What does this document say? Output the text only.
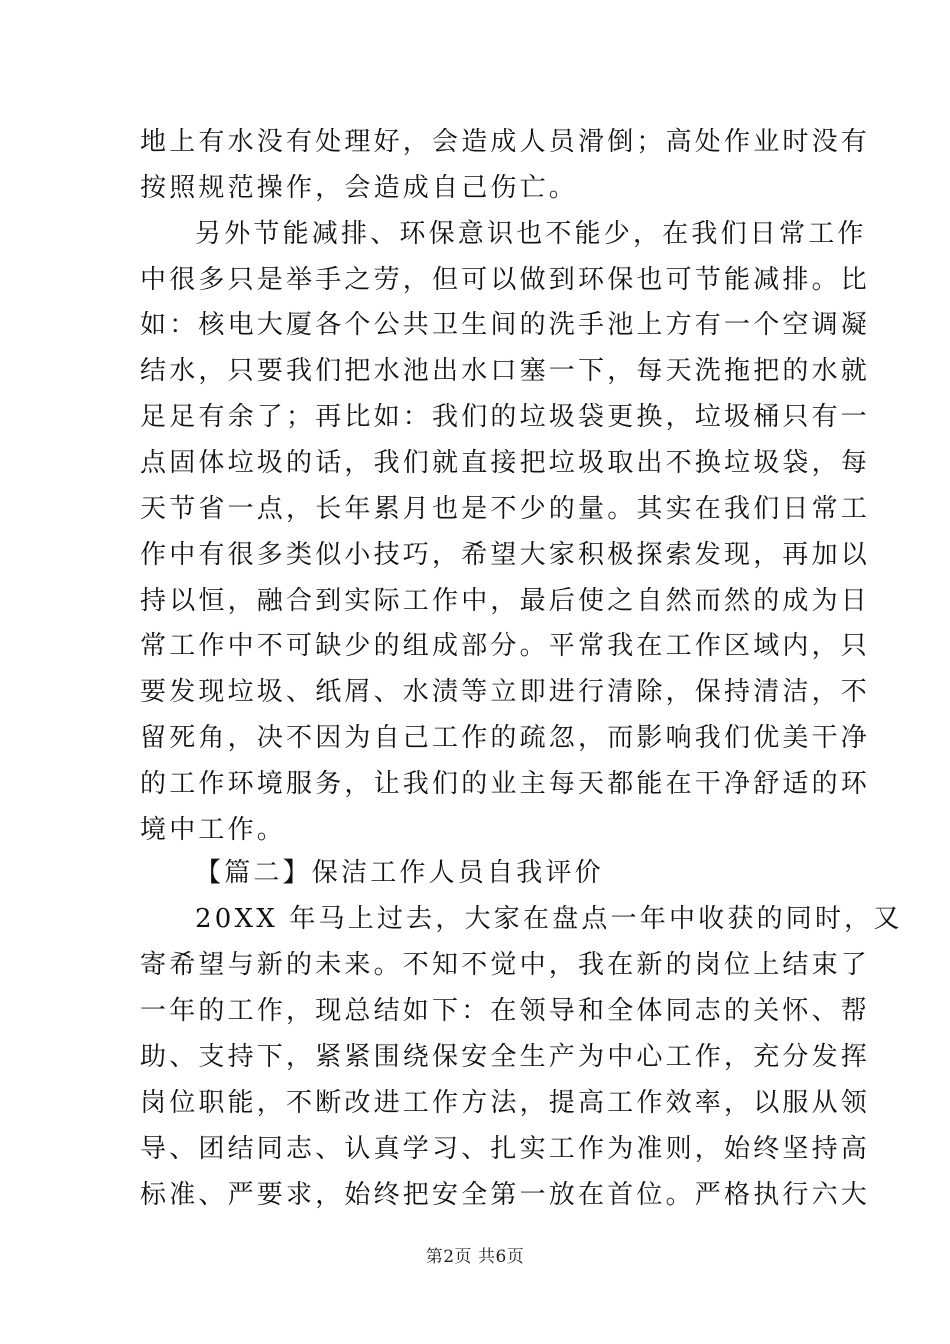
地上有水没有处理好，会造成人员滑倒；高处作业时没有
按照规范操作，会造成自己伤亡。
另外节能减排、环保意识也不能少，在我们日常工作
中很多只是举手之劳，但可以做到环保也可节能减排。比
如：核电大厦各个公共卫生间的洗手池上方有一个空调凝
结水，只要我们把水池出水口塞一下，每天洗拖把的水就
足足有余了；再比如：我们的垃圾袋更换，垃圾桶只有一
点固体垃圾的话，我们就直接把垃圾取出不换垃圾袋，每
天节省一点，长年累月也是不少的量。其实在我们日常工
作中有很多类似小技巧，希望大家积极探索发现，再加以
持以恒，融合到实际工作中，最后使之自然而然的成为日
常工作中不可缺少的组成部分。平常我在工作区域内，只
要发现垃圾、纸屑、水渍等立即进行清除，保持清洁，不
留死角，决不因为自己工作的疏忽，而影响我们优美干净
的工作环境服务，让我们的业主每天都能在干净舒适的环
境中工作。
【篇二】保洁工作人员自我评价
20XX 年马上过去，大家在盘点一年中收获的同时，又
寄希望与新的未来。不知不觉中，我在新的岗位上结束了
一年的工作，现总结如下：在领导和全体同志的关怀、帮
助、支持下，紧紧围绕保安全生产为中心工作，充分发挥
岗位职能，不断改进工作方法，提高工作效率，以服从领
导、团结同志、认真学习、扎实工作为准则，始终坚持高
标准、严要求，始终把安全第一放在首位。严格执行六大
第2页 共6页
